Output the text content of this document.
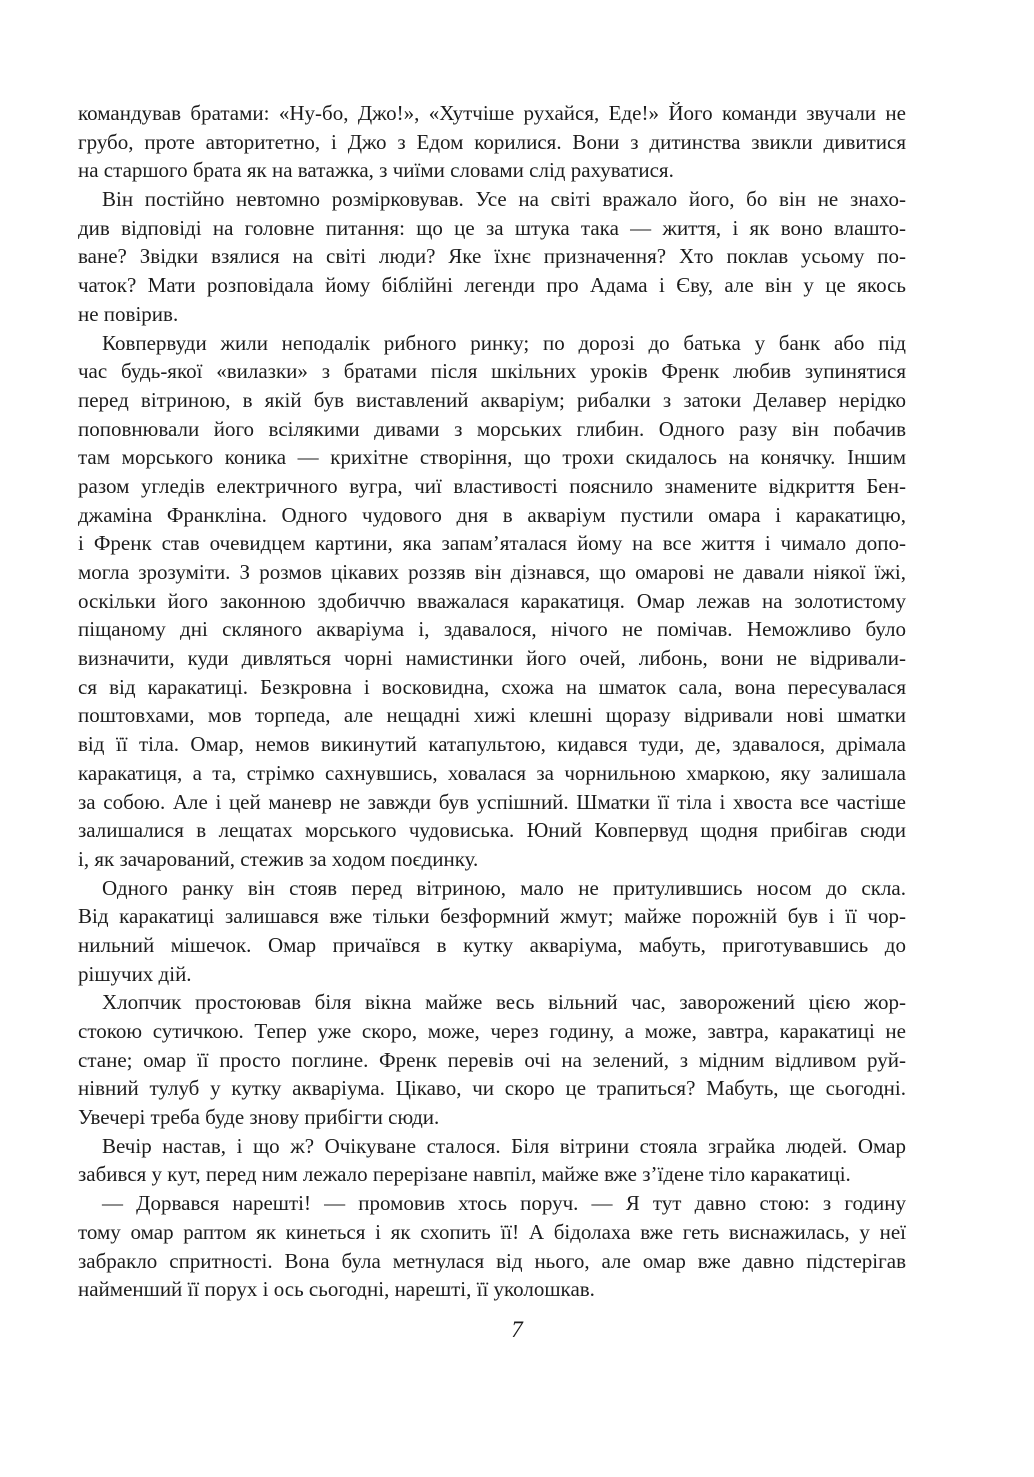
командував братами: «Ну-бо, Джо!», «Хутчіше рухайся, Еде!» Його команди звучали не
грубо, проте авторитетно, і Джо з Едом корилися. Вони з дитинства звикли дивитися
на старшого брата як на ватажка, з чиїми словами слід рахуватися.
Він постійно невтомно розмірковував. Усе на світі вражало його, бо він не знахо-
див відповіді на головне питання: що це за штука така — життя, і як воно влашто-
ване? Звідки взялися на світі люди? Яке їхнє призначення? Хто поклав усьому по-
чаток? Мати розповідала йому біблійні легенди про Адама і Єву, але він у це якось
не повірив.
Ковпервуди жили неподалік рибного ринку; по дорозі до батька у банк або під
час будь-якої «вилазки» з братами після шкільних уроків Френк любив зупинятися
перед вітриною, в якій був виставлений акваріум; рибалки з затоки Делавер нерідко
поповнювали його всілякими дивами з морських глибин. Одного разу він побачив
там морського коника — крихітне створіння, що трохи скидалось на конячку. Іншим
разом угледів електричного вугра, чиї властивості пояснило знамените відкриття Бен-
джаміна Франкліна. Одного чудового дня в акваріум пустили омара і каракатицю,
і Френк став очевидцем картини, яка запам’яталася йому на все життя і чимало допо-
могла зрозуміти. З розмов цікавих роззяв він дізнався, що омарові не давали ніякої їжі,
оскільки його законною здобиччю вважалася каракатиця. Омар лежав на золотистому
піщаному дні скляного акваріума і, здавалося, нічого не помічав. Неможливо було
визначити, куди дивляться чорні намистинки його очей, либонь, вони не відривали-
ся від каракатиці. Безкровна і восковидна, схожа на шматок сала, вона пересувалася
поштовхами, мов торпеда, але нещадні хижі клешні щоразу відривали нові шматки
від її тіла. Омар, немов викинутий катапультою, кидався туди, де, здавалося, дрімала
каракатиця, а та, стрімко сахнувшись, ховалася за чорнильною хмаркою, яку залишала
за собою. Але і цей маневр не завжди був успішний. Шматки її тіла і хвоста все частіше
залишалися в лещатах морського чудовиська. Юний Ковпервуд щодня прибігав сюди
і, як зачарований, стежив за ходом поєдинку.
Одного ранку він стояв перед вітриною, мало не притулившись носом до скла.
Від каракатиці залишався вже тільки безформний жмут; майже порожній був і її чор-
нильний мішечок. Омар причаївся в кутку акваріума, мабуть, приготувавшись до
рішучих дій.
Хлопчик простоював біля вікна майже весь вільний час, заворожений цією жор-
стокою сутичкою. Тепер уже скоро, може, через годину, а може, завтра, каракатиці не
стане; омар її просто поглине. Френк перевів очі на зелений, з мідним відливом руй-
нівний тулуб у кутку акваріума. Цікаво, чи скоро це трапиться? Мабуть, ще сьогодні.
Увечері треба буде знову прибігти сюди.
Вечір настав, і що ж? Очікуване сталося. Біля вітрини стояла зграйка людей. Омар
забився у кут, перед ним лежало перерізане навпіл, майже вже з’їдене тіло каракатиці.
— Дорвався нарешті! — промовив хтось поруч. — Я тут давно стою: з годину
тому омар раптом як кинеться і як схопить її! А бідолаха вже геть виснажилась, у неї
забракло спритності. Вона була метнулася від нього, але омар вже давно підстерігав
найменший її порух і ось сьогодні, нарешті, її уколошкав.
7
